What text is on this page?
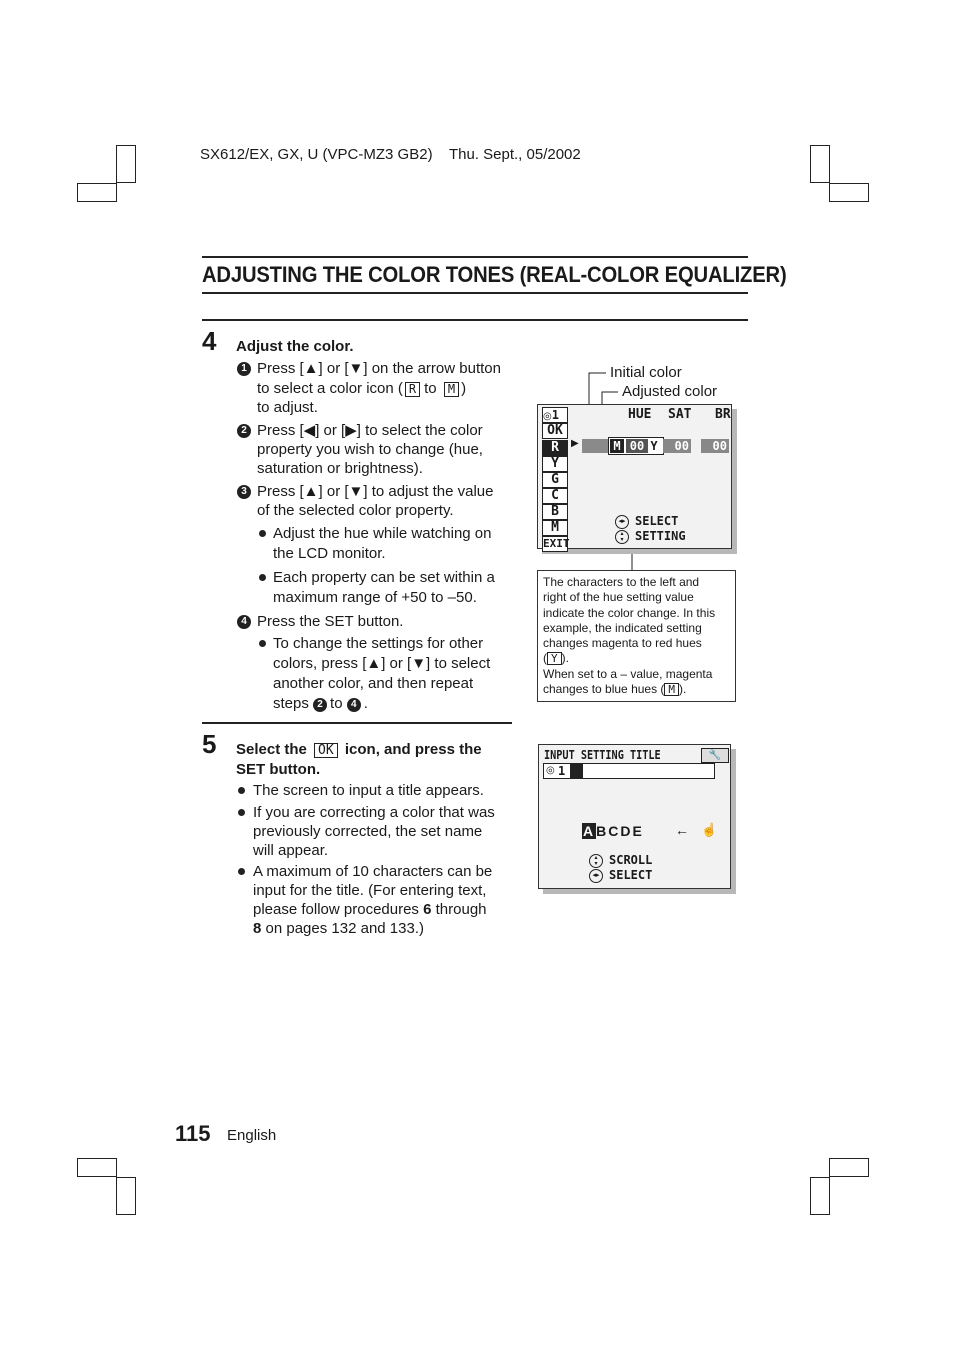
SX612/EX, GX, U (VPC-MZ3 GB2)    Thu. Sept., 05/2002
ADJUSTING THE COLOR TONES (REAL-COLOR EQUALIZER)
4 Adjust the color.
1 Press [▲] or [▼] on the arrow button
to select a color icon ( R to M )
to adjust.
2 Press [◀] or [▶] to select the color
property you wish to change (hue,
saturation or brightness).
3 Press [▲] or [▼] to adjust the value
of the selected color property.
Adjust the hue while watching on
the LCD monitor.
Each property can be set within a
maximum range of +50 to –50.
4 Press the SET button.
To change the settings for other
colors, press [▲] or [▼] to select
another color, and then repeat
steps 2 to 4 .
5 Select the OK icon, and press the
SET button.
The screen to input a title appears.
If you are correcting a color that was
previously corrected, the set name
will appear.
A maximum of 10 characters can be
input for the title. (For entering text,
please follow procedures 6 through
8 on pages 132 and 133.)
Initial color
Adjusted color
◎1	HUE SAT BR
OK
R
Y
G
C
B
M
EXIT
▶	M 00 Y	00	00
◂▸ SELECT
▴
▾ SETTING
The characters to the left and
right of the hue setting value
indicate the color change. In this
example, the indicated setting
changes magenta to red hues
( Y ).
When set to a – value, magenta
changes to blue hues ( M ).
INPUT SETTING TITLE	🔧
◎ 1
ABCDE ← ☝
▴
▾ SCROLL
◂▸ SELECT
115 English
